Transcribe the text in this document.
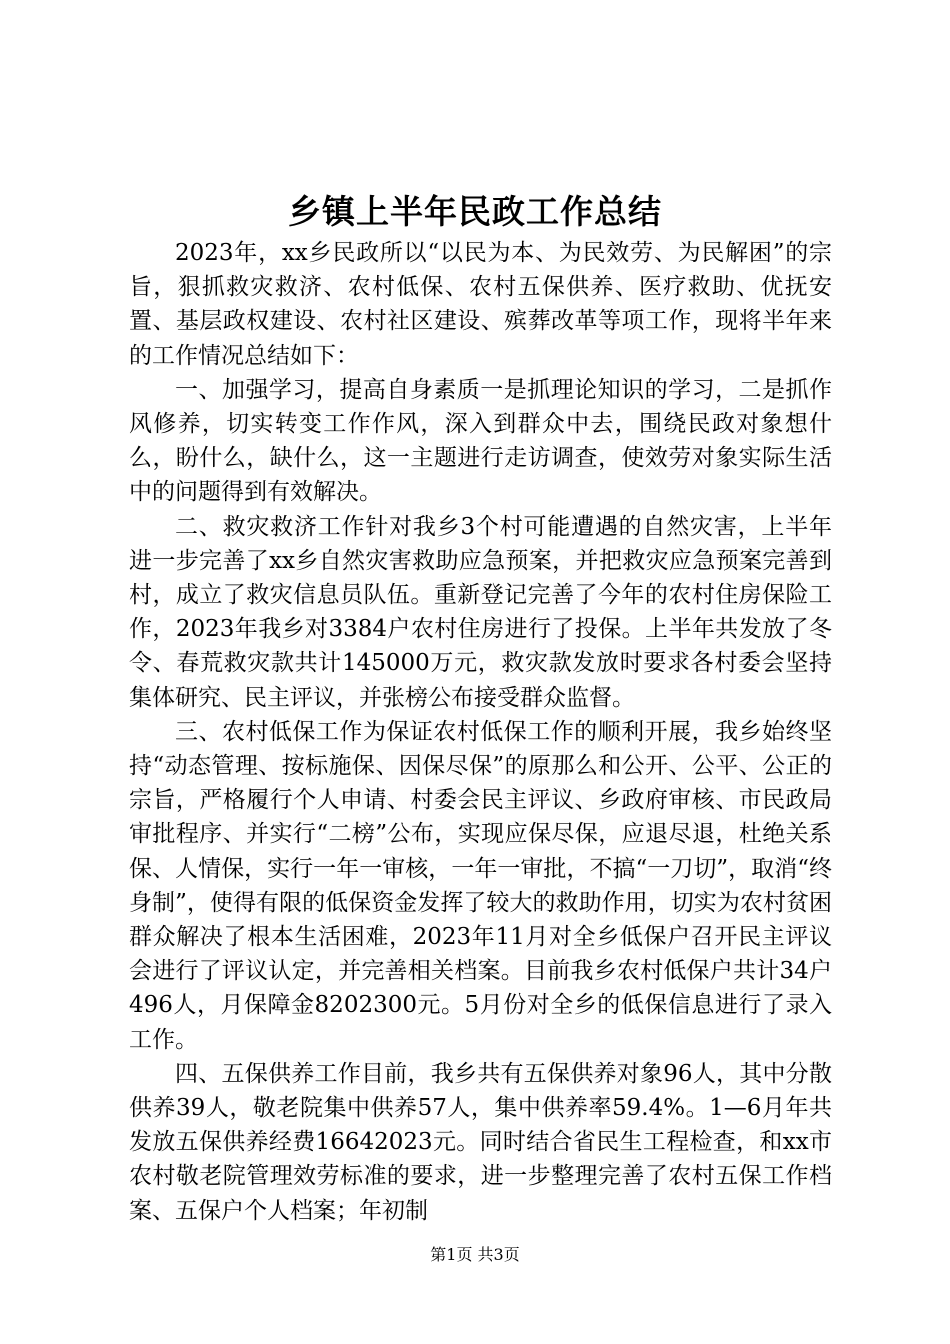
乡镇上半年民政工作总结

2023年，xx乡民政所以“以民为本、为民效劳、为民解困”的宗旨，狠抓救灾救济、农村低保、农村五保供养、医疗救助、优抚安置、基层政权建设、农村社区建设、殡葬改革等项工作，现将半年来的工作情况总结如下：

一、加强学习，提高自身素质一是抓理论知识的学习，二是抓作风修养，切实转变工作作风，深入到群众中去，围绕民政对象想什么，盼什么，缺什么，这一主题进行走访调查，使效劳对象实际生活中的问题得到有效解决。

二、救灾救济工作针对我乡3个村可能遭遇的自然灾害，上半年进一步完善了xx乡自然灾害救助应急预案，并把救灾应急预案完善到村，成立了救灾信息员队伍。重新登记完善了今年的农村住房保险工作，2023年我乡对3384户农村住房进行了投保。上半年共发放了冬令、春荒救灾款共计145000万元，救灾款发放时要求各村委会坚持集体研究、民主评议，并张榜公布接受群众监督。

三、农村低保工作为保证农村低保工作的顺利开展，我乡始终坚持“动态管理、按标施保、因保尽保”的原那么和公开、公平、公正的宗旨，严格履行个人申请、村委会民主评议、乡政府审核、市民政局审批程序、并实行“二榜”公布，实现应保尽保，应退尽退，杜绝关系保、人情保，实行一年一审核，一年一审批，不搞“一刀切”，取消“终身制”，使得有限的低保资金发挥了较大的救助作用，切实为农村贫困群众解决了根本生活困难，2023年11月对全乡低保户召开民主评议会进行了评议认定，并完善相关档案。目前我乡农村低保户共计34户496人，月保障金8202300元。5月份对全乡的低保信息进行了录入工作。

四、五保供养工作目前，我乡共有五保供养对象96人，其中分散供养39人，敬老院集中供养57人，集中供养率59.4%。1—6月年共发放五保供养经费16642023元。同时结合省民生工程检查，和xx市农村敬老院管理效劳标准的要求，进一步整理完善了农村五保工作档案、五保户个人档案；年初制

第1页 共3页
